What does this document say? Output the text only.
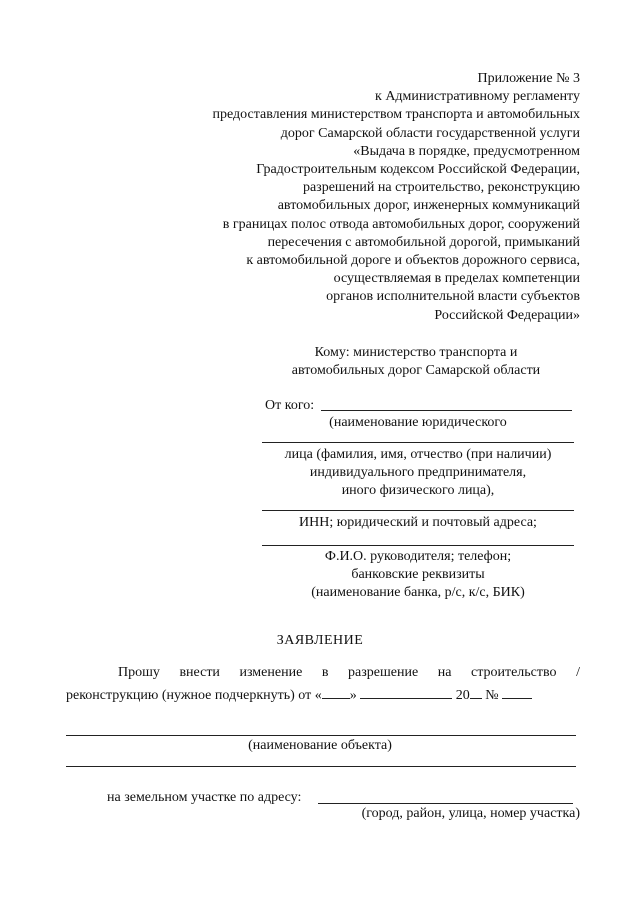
Приложение № 3
к Административному регламенту
предоставления министерством транспорта и автомобильных
дорог Самарской области государственной услуги
«Выдача в порядке, предусмотренном
Градостроительным кодексом Российской Федерации,
разрешений на строительство, реконструкцию
автомобильных дорог, инженерных коммуникаций
в границах полос отвода автомобильных дорог, сооружений
пересечения с автомобильной дорогой, примыканий
к автомобильной дороге и объектов дорожного сервиса,
осуществляемая в пределах компетенции
органов исполнительной власти субъектов
Российской Федерации»
Кому: министерство транспорта и
автомобильных дорог Самарской области
От кого:
(наименование юридического
лица (фамилия, имя, отчество (при наличии)
индивидуального предпринимателя,
иного физического лица),
ИНН; юридический и почтовый адреса;
Ф.И.О. руководителя; телефон;
банковские реквизиты
(наименование банка, р/с, к/с, БИК)
ЗАЯВЛЕНИЕ
Прошу внести изменение в разрешение на строительство /
реконструкцию (нужное подчеркнуть) от « »	20 №
(наименование объекта)
на земельном участке по адресу:
(город, район, улица, номер участка)
